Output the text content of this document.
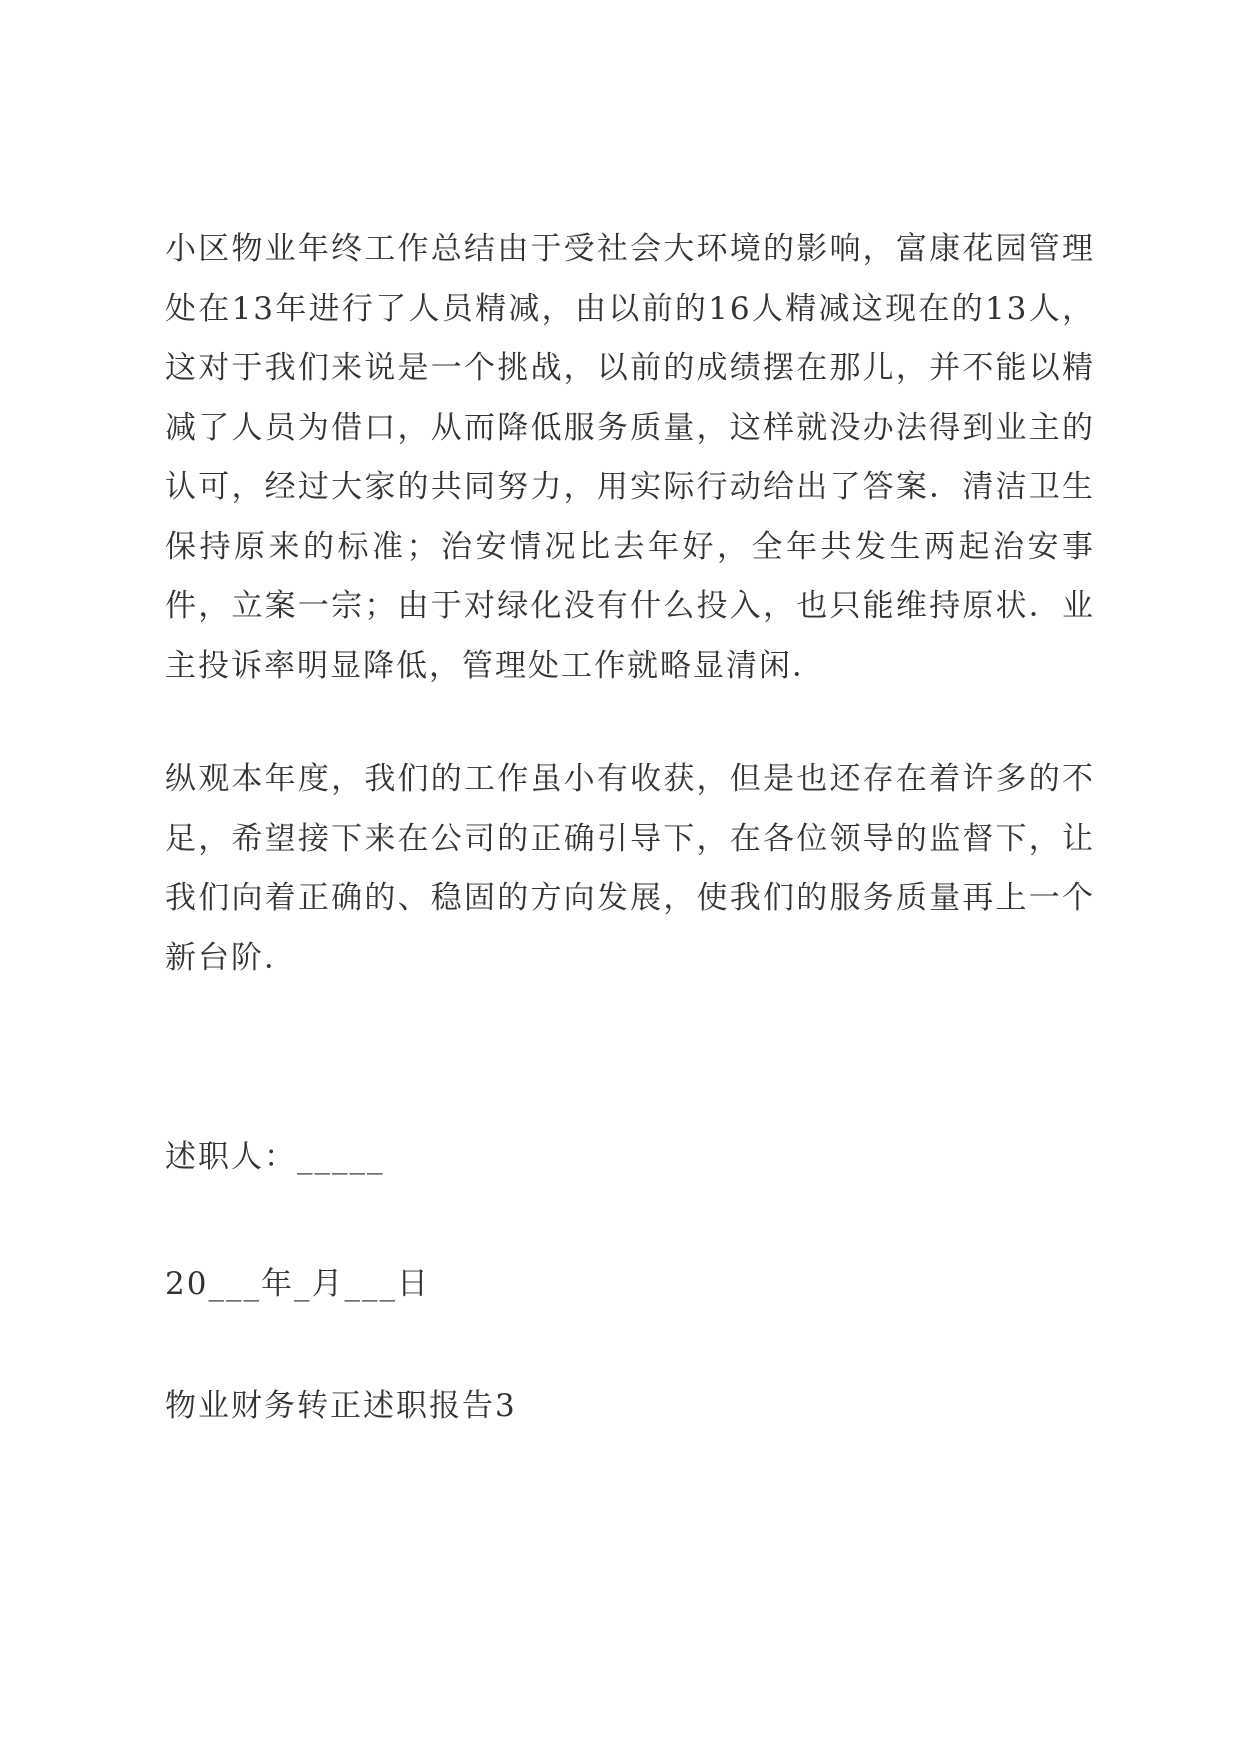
小区物业年终工作总结由于受社会大环境的影响，富康花园管理处在13年进行了人员精减，由以前的16人精减这现在的13人，这对于我们来说是一个挑战，以前的成绩摆在那儿，并不能以精减了人员为借口，从而降低服务质量，这样就没办法得到业主的认可，经过大家的共同努力，用实际行动给出了答案．清洁卫生保持原来的标准；治安情况比去年好，全年共发生两起治安事件，立案一宗；由于对绿化没有什么投入，也只能维持原状．业主投诉率明显降低，管理处工作就略显清闲．
纵观本年度，我们的工作虽小有收获，但是也还存在着许多的不足，希望接下来在公司的正确引导下，在各位领导的监督下，让我们向着正确的、稳固的方向发展，使我们的服务质量再上一个新台阶．
述职人：_____
20___年_月___日
物业财务转正述职报告3
